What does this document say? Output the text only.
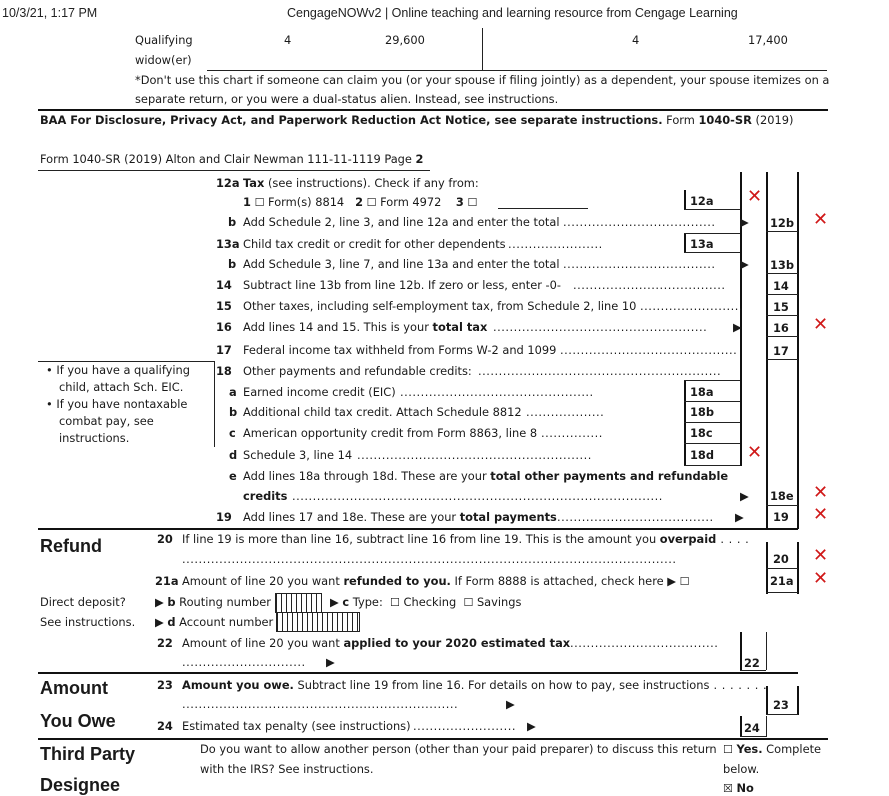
10/3/21, 1:17 PM	CengageNOWv2 | Online teaching and learning resource from Cengage Learning
Qualifying
widow(er)
4	29,600	4	17,400
*Don't use this chart if someone can claim you (or your spouse if filing jointly) as a dependent, your spouse itemizes on a
separate return, or you were a dual-status alien. Instead, see instructions.
BAA For Disclosure, Privacy Act, and Paperwork Reduction Act Notice, see separate instructions. Form 1040-SR (2019)
Form 1040-SR (2019) Alton and Clair Newman 111-11-1119 Page 2
12a Tax (see instructions). Check if any from:
1 ☐ Form(s) 8814 2 ☐ Form 4972 3 ☐	12a ✕
b Add Schedule 2, line 3, and line 12a and enter the total .....................................	▶ 12b ✕
13a Child tax credit or credit for other dependents .......................	13a
b Add Schedule 3, line 7, and line 13a and enter the total .....................................	▶ 13b
14 Subtract line 13b from line 12b. If zero or less, enter -0- .....................................	14
15 Other taxes, including self-employment tax, from Schedule 2, line 10 .........................	15
16 Add lines 14 and 15. This is your total tax ....................................................	▶	16 ✕
17 Federal income tax withheld from Forms W-2 and 1099 ...........................................	17
• If you have a qualifying
child, attach Sch. EIC.
• If you have nontaxable
combat pay, see
instructions.
18 Other payments and refundable credits: ...........................................................
a Earned income credit (EIC) ...............................................	18a
b Additional child tax credit. Attach Schedule 8812 ...................	18b
c American opportunity credit from Form 8863, line 8 ...............	18c
d Schedule 3, line 14 .........................................................	18d ✕
e Add lines 18a through 18d. These are your total other payments and refundable
credits ..........................................................................................	▶ 18e ✕
19 Add lines 17 and 18e. These are your total payments ......................................	▶	19 ✕
Refund	20 If line 19 is more than line 16, subtract line 16 from line 19. This is the amount you overpaid . . . .
........................................................................................................................	20 ✕
21a Amount of line 20 you want refunded to you. If Form 8888 is attached, check here ▶ ☐	21a ✕
Direct deposit?
See instructions.
▶ b Routing number	▶ c Type: ☐ Checking ☐ Savings
▶ d Account number
22 Amount of line 20 you want applied to your 2020 estimated tax ....................................
..............................	▶	22
Amount
You Owe
23 Amount you owe. Subtract line 19 from line 16. For details on how to pay, see instructions . . . . . . .
...................................................................	▶	23
24 Estimated tax penalty (see instructions) ......................... ▶	24
Third Party
Designee
Do you want to allow another person (other than your paid preparer) to discuss this return
with the IRS? See instructions.
☐ Yes. Complete
below.
☒ No
